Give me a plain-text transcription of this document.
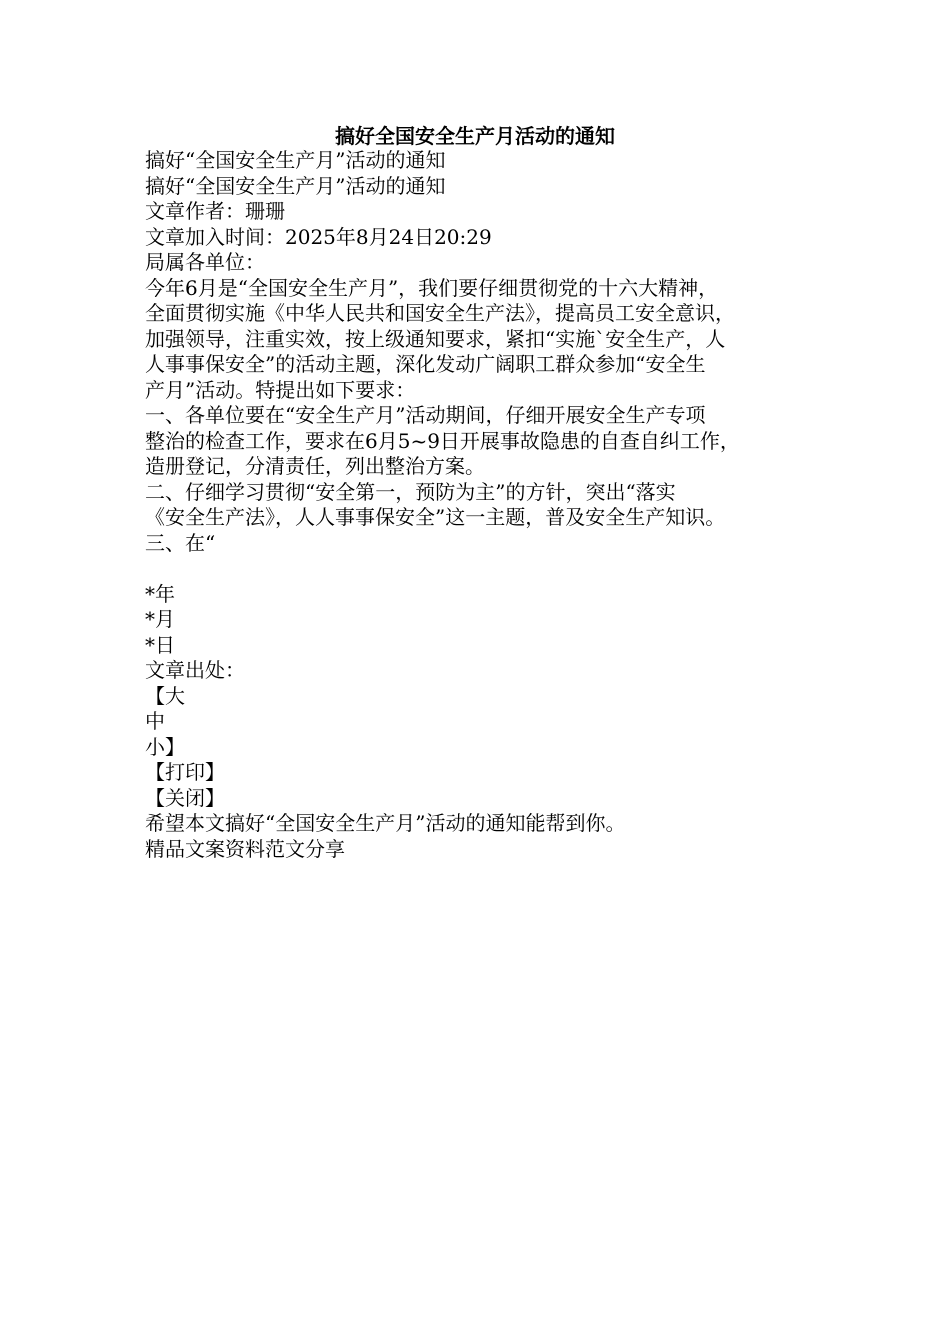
搞好全国安全生产月活动的通知
搞好“全国安全生产月”活动的通知
搞好“全国安全生产月”活动的通知
文章作者：珊珊
文章加入时间：2025年8月24日20:29
局属各单位：
今年6月是“全国安全生产月”，我们要仔细贯彻党的十六大精神，
全面贯彻实施《中华人民共和国安全生产法》，提高员工安全意识，
加强领导，注重实效，按上级通知要求，紧扣“实施`安全生产，人
人事事保安全”的活动主题，深化发动广阔职工群众参加“安全生
产月”活动。特提出如下要求：
一、各单位要在“安全生产月”活动期间，仔细开展安全生产专项
整治的检查工作，要求在6月5~9日开展事故隐患的自查自纠工作，
造册登记，分清责任，列出整治方案。
二、仔细学习贯彻“安全第一，预防为主”的方针，突出“落实
《安全生产法》，人人事事保安全”这一主题，普及安全生产知识。
三、在“
*年
*月
*日
文章出处：
【大
中
小】
【打印】
【关闭】
希望本文搞好“全国安全生产月”活动的通知能帮到你。
精品文案资料范文分享
